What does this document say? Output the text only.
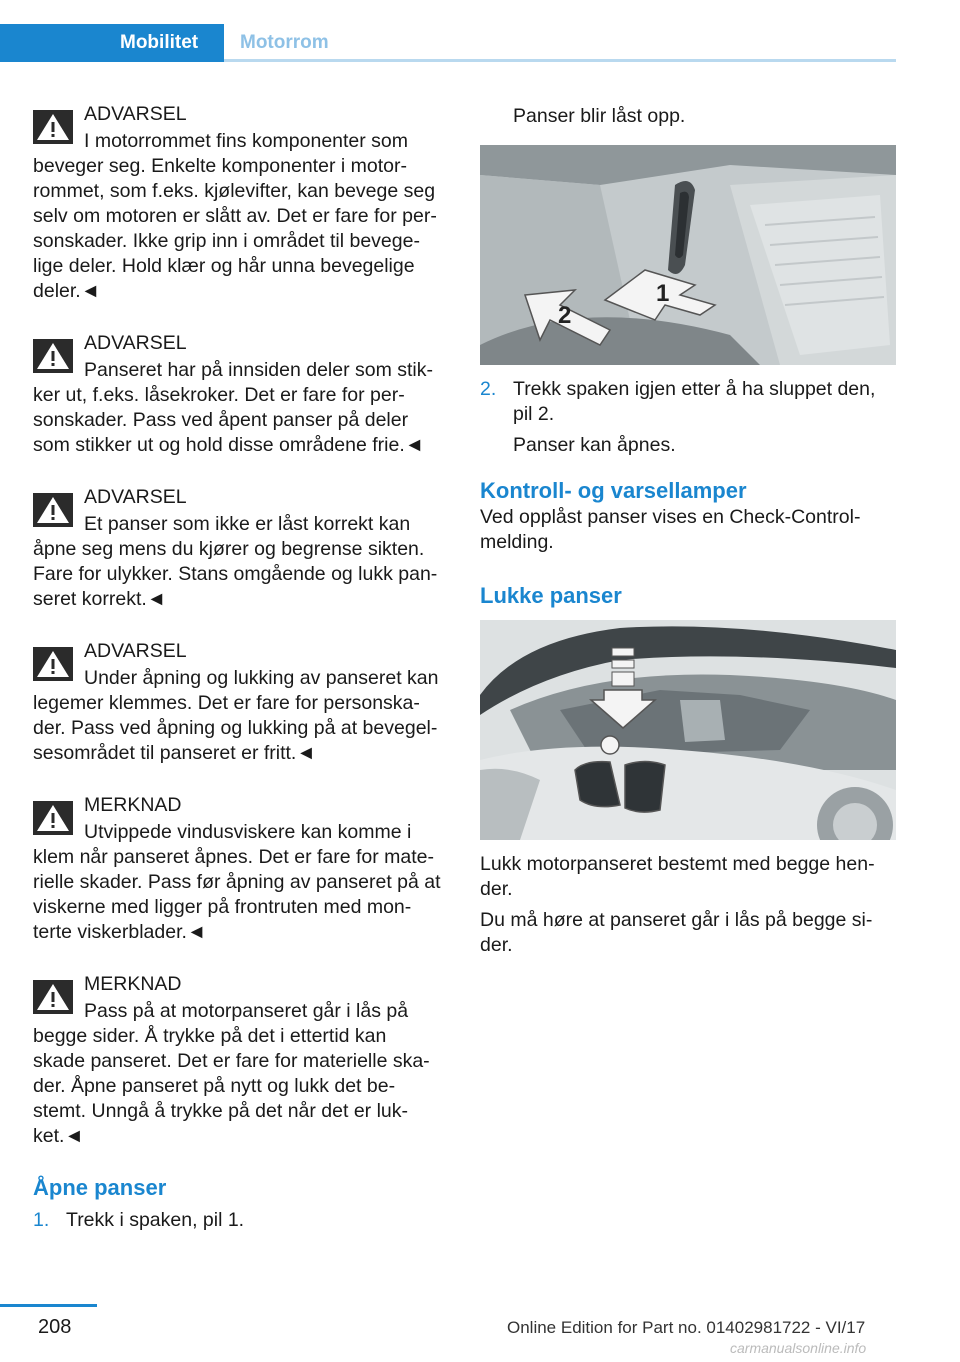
Mobilitet	Motorrom
ADVARSEL
I motorrommet fins komponenter som beveger seg. Enkelte komponenter i motor-rommet, som f.eks. kjølevifter, kan bevege seg selv om motoren er slått av. Det er fare for per-sonskader. Ikke grip inn i området til bevege-lige deler. Hold klær og hår unna bevegelige deler.◄
ADVARSEL
Panseret har på innsiden deler som stik-ker ut, f.eks. låsekroker. Det er fare for per-sonskader. Pass ved åpent panser på deler som stikker ut og hold disse områdene frie.◄
ADVARSEL
Et panser som ikke er låst korrekt kan åpne seg mens du kjører og begrense sikten. Fare for ulykker. Stans omgående og lukk pan-seret korrekt.◄
ADVARSEL
Under åpning og lukking av panseret kan legemer klemmes. Det er fare for personska-der. Pass ved åpning og lukking på at bevegel-sesområdet til panseret er fritt.◄
MERKNAD
Utvippede vindusviskere kan komme i klem når panseret åpnes. Det er fare for mate-rielle skader. Pass før åpning av panseret på at viskerne med ligger på frontruten med mon-terte viskerblader.◄
MERKNAD
Pass på at motorpanseret går i lås på begge sider. Å trykke på det i ettertid kan skade panseret. Det er fare for materielle ska-der. Åpne panseret på nytt og lukk det be-stemt. Unngå å trykke på det når det er luk-ket.◄
Åpne panser
1. Trekk i spaken, pil 1.
Panser blir låst opp.
1
2
2. Trekk spaken igjen etter å ha sluppet den, pil 2.
Panser kan åpnes.
Kontroll- og varsellamper
Ved opplåst panser vises en Check-Control-melding.
Lukke panser
Lukk motorpanseret bestemt med begge hen-der.
Du må høre at panseret går i lås på begge si-der.
208	Online Edition for Part no. 01402981722 - VI/17
carmanualsonline.info
